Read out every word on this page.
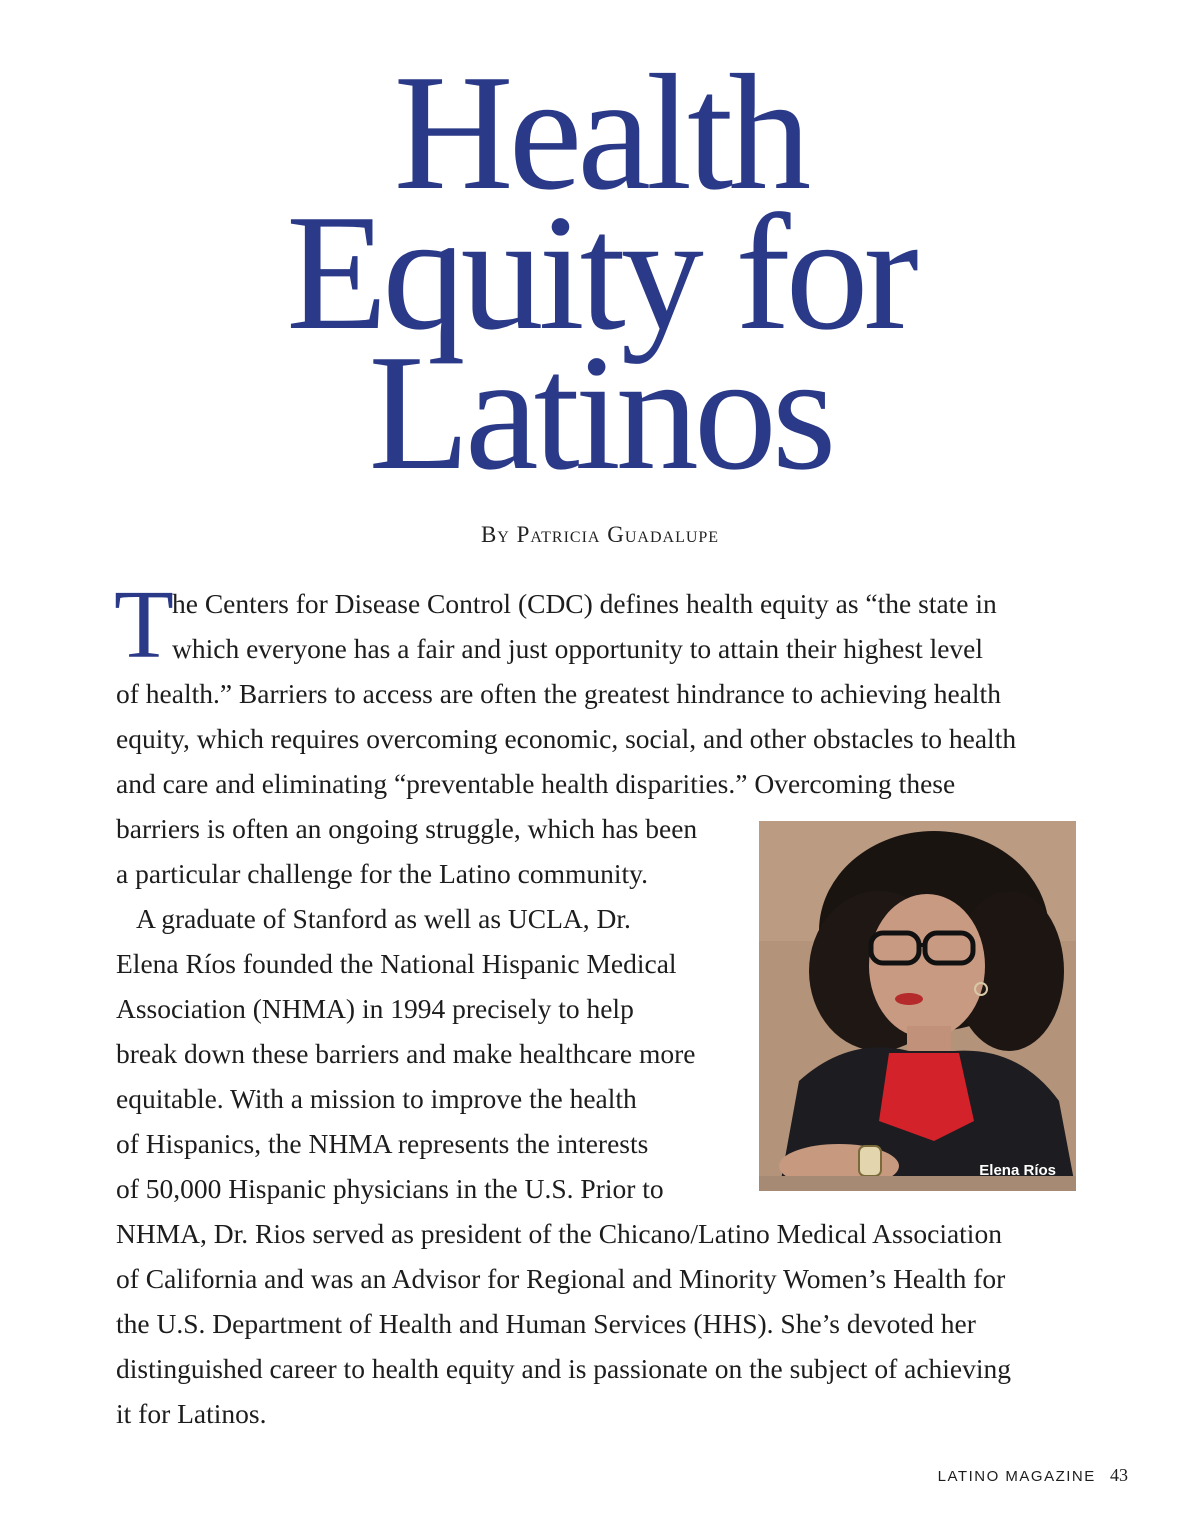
Health
Equity for
Latinos
By Patricia Guadalupe
T
he Centers for Disease Control (CDC) defines health equity as “the state in
which everyone has a fair and just opportunity to attain their highest level
of health.” Barriers to access are often the greatest hindrance to achieving health
equity, which requires overcoming economic, social, and other obstacles to health
and care and eliminating “preventable health disparities.” Overcoming these
barriers is often an ongoing struggle, which has been
a particular challenge for the Latino community.
A graduate of Stanford as well as UCLA, Dr.
Elena Ríos founded the National Hispanic Medical
Association (NHMA) in 1994 precisely to help
break down these barriers and make healthcare more
equitable. With a mission to improve the health
of Hispanics, the NHMA represents the interests
of 50,000 Hispanic physicians in the U.S. Prior to
NHMA, Dr. Rios served as president of the Chicano/Latino Medical Association
of California and was an Advisor for Regional and Minority Women’s Health for
the U.S. Department of Health and Human Services (HHS). She’s devoted her
distinguished career to health equity and is passionate on the subject of achieving
it for Latinos.
Elena Ríos
LATINO MAGAZINE 43
